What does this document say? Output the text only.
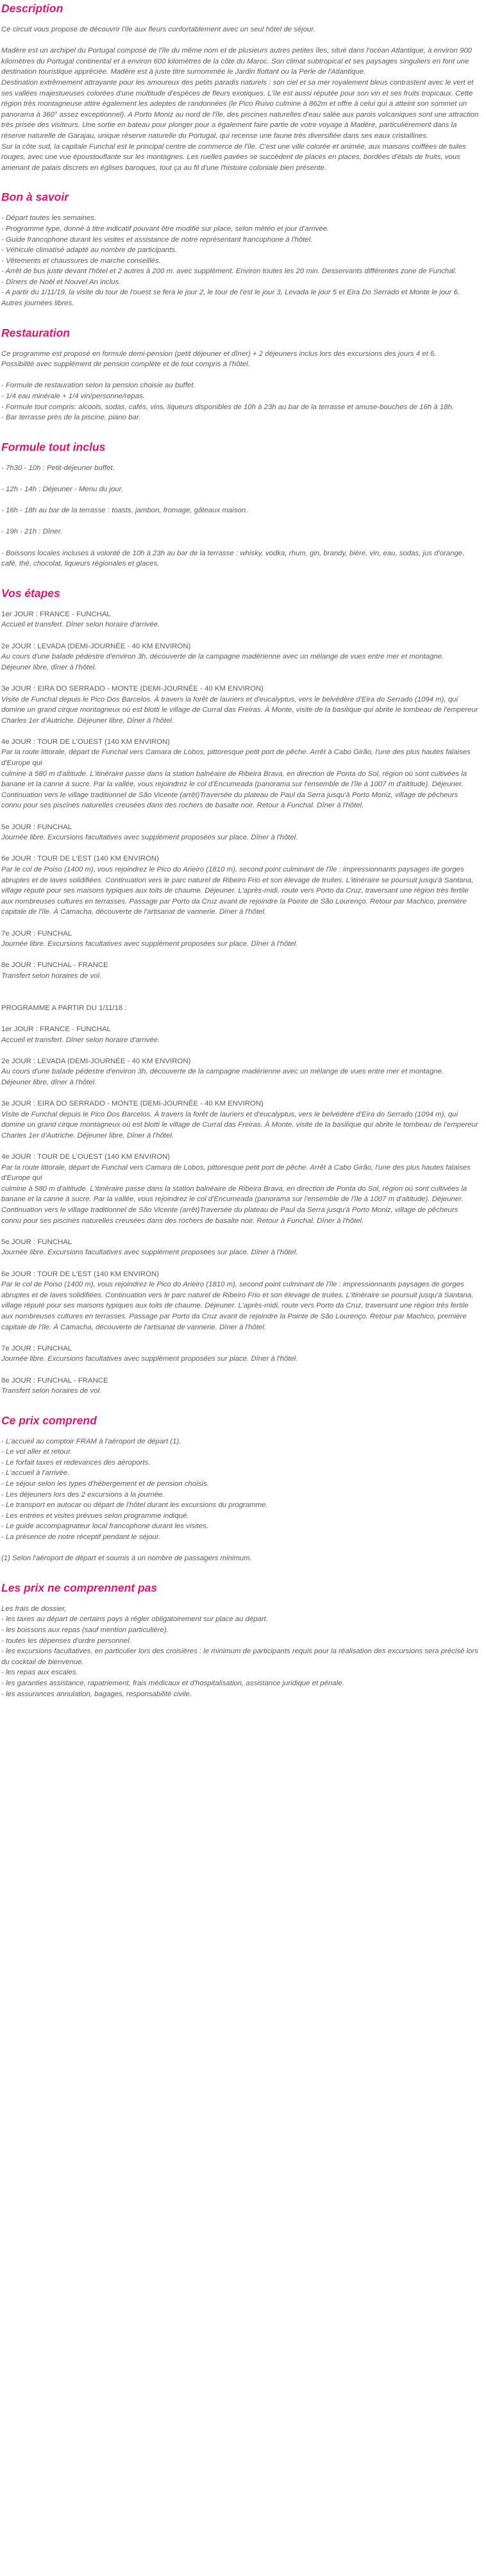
Description

Ce circuit vous propose de découvrir l'île aux fleurs confortablement avec un seul hôtel de séjour.

Madère est un archipel du Portugal composé de l'île du même nom et de plusieurs autres petites îles, situé dans l'océan Atlantique, à environ 900 kilomètres du Portugal continental et à environ 600 kilomètres de la côte du Maroc. Son climat subtropical et ses paysages singuliers en font une destination touristique appréciée. Madère est à juste titre surnommée le Jardin flottant ou la Perle de l'Atlantique.

Destination extrêmement attrayante pour les amoureux des petits paradis naturels : son ciel et sa mer royalement bleus contrastent avec le vert et ses vallées majestueuses colorées d'une multitude d'espèces de fleurs exotiques. L'île est aussi réputée pour son vin et ses fruits tropicaux. Cette région très montagneuse attire également les adeptes de randonnées (le Pico Ruivo culmine à 862m et offre à celui qui a atteint son sommet un panorama à 360° assez exceptionnel). A Porto Moniz au nord de l'île, des piscines naturelles d'eau salée aux parois volcaniques sont une attraction très prisée des visiteurs. Une sortie en bateau pour plonger pour a également faire partie de votre voyage à Madère, particulièrement dans la réserve naturelle de Garajau, unique réserve naturelle du Portugal, qui recense une faune très diversifiée dans ses eaux cristallines.

Sur la côte sud, la capitale Funchal est le principal centre de commerce de l'île. C'est une ville colorée et animée, aux maisons coiffées de tuiles rouges, avec une vue époustouflante sur les montagnes. Les ruelles pavées se succèdent de places en places, bordées d'étals de fruits, vous amenant de palais discrets en églises baroques, tout ça au fil d'une l'histoire coloniale bien présente.

Bon à savoir

- Départ toutes les semaines.

- Programme type, donné à titre indicatif pouvant être modifié sur place, selon météo et jour d'arrivée.

- Guide francophone durant les visites et assistance de notre représentant francophone à l'hôtel.

- Véhicule climatisé adapté au nombre de participants.

- Vêtements et chaussures de marche conseillés.

- Arrêt de bus juste devant l'hôtel et 2 autres à 200 m. avec supplément. Environ toutes les 20 min. Desservants différentes zone de Funchal.

- Dîners de Noël et Nouvel An inclus.

- A partir du 1/11/19, la visite du tour de l'ouest se fera le jour 2, le tour de l'est le jour 3, Levada le jour 5 et Eira Do Serrado et Monte le jour 6. Autres journées libres.

Restauration

Ce programme est proposé en formule demi-pension (petit déjeuner et dîner) + 2 déjeuners inclus lors des excursions des jours 4 et 6.

Possibilité avec supplément de pension complète et de tout compris à l'hôtel.

- Formule de restauration selon la pension choisie au buffet.

- 1/4 eau minérale + 1/4 vin/personne/repas.

- Formule tout compris: alcools, sodas, cafés, vins, liqueurs disponibles de 10h à 23h au bar de la terrasse et amuse-bouches de 16h à 18h.

- Bar terrasse près de la piscine, piano bar.

Formule tout inclus

- 7h30 - 10h : Petit-déjeuner buffet.

- 12h - 14h : Déjeuner - Menu du jour.

- 16h - 18h au bar de la terrasse : toasts, jambon, fromage, gâteaux maison.

- 19h - 21h : Dîner.

- Boissons locales incluses à volonté de 10h à 23h au bar de la terrasse : whisky, vodka, rhum, gin, brandy, bière, vin, eau, sodas, jus d'orange, café, thé, chocolat, liqueurs régionales et glaces.

Vos étapes

1er JOUR : FRANCE - FUNCHAL

Accueil et transfert. Dîner selon horaire d'arrivée.

2e JOUR : LEVADA (DEMI-JOURNÉE - 40 KM ENVIRON)

Au cours d'une balade pédestre d'environ 3h, découverte de la campagne madérienne avec un mélange de vues entre mer et montagne.

Déjeuner libre, dîner à l'hôtel.

3e JOUR : EIRA DO SERRADO - MONTE (DEMI-JOURNÉE - 40 KM ENVIRON)

Visite de Funchal depuis le Pico Dos Barcelos. À travers la forêt de lauriers et d'eucalyptus, vers le belvédère d'Eira do Serrado (1094 m), qui domine un grand cirque montagneux où est blotti le village de Curral das Freiras. À Monte, visite de la basilique qui abrite le tombeau de l'empereur Charles 1er d'Autriche. Déjeuner libre, Dîner à l'hôtel.

4e JOUR : TOUR DE L'OUEST (140 KM ENVIRON)

Par la route littorale, départ de Funchal vers Camara de Lobos, pittoresque petit port de pêche. Arrêt à Cabo Girão, l'une des plus hautes falaises d'Europe qui

culmine à 580 m d'altitude. L'itinéraire passe dans la station balnéaire de Ribeira Brava, en direction de Ponta do Sol, région où sont cultivées la banane et la canne à sucre. Par la vallée, vous rejoindrez le col d'Encumeada (panorama sur l'ensemble de l'île à 1007 m d'altitude). Déjeuner. Continuation vers le village traditionnel de São Vicente (arrêt)Traversée du plateau de Paul da Serra jusqu'à Porto Moniz, village de pêcheurs connu pour ses piscines naturelles creusées dans des rochers de basalte noir. Retour à Funchal. Dîner à l'hôtel.

5e JOUR : FUNCHAL

Journée libre. Excursions facultatives avec supplément proposées sur place. Dîner à l'hôtel.

6e JOUR : TOUR DE L'EST (140 KM ENVIRON)

Par le col de Poiso (1400 m), vous rejoindrez le Pico do Arieiro (1810 m), second point culminant de l'île : impressionnants paysages de gorges abruptes et de laves solidifiées. Continuation vers le parc naturel de Ribeiro Frio et son élevage de truites. L'itinéraire se poursuit jusqu'à Santana, village réputé pour ses maisons typiques aux toits de chaume. Déjeuner. L'après-midi, route vers Porto da Cruz, traversant une région très fertile aux nombreuses cultures en terrasses. Passage par Porto da Cruz avant de rejoindre la Pointe de São Lourenço. Retour par Machico, première capitale de l'île. À Camacha, découverte de l'artisanat de vannerie. Dîner à l'hôtel.

7e JOUR : FUNCHAL

Journée libre. Excursions facultatives avec supplément proposées sur place. Dîner à l'hôtel.

8e JOUR : FUNCHAL - FRANCE

Transfert selon horaires de vol.

PROGRAMME A PARTIR DU 1/11/18 :

1er JOUR : FRANCE - FUNCHAL

Accueil et transfert. Dîner selon horaire d'arrivée.

2e JOUR : LEVADA (DEMI-JOURNÉE - 40 KM ENVIRON)

Au cours d'une balade pédestre d'environ 3h, découverte de la campagne madérienne avec un mélange de vues entre mer et montagne.

Déjeuner libre, dîner à l'hôtel.

3e JOUR : EIRA DO SERRADO - MONTE (DEMI-JOURNÉE - 40 KM ENVIRON)

Visite de Funchal depuis le Pico Dos Barcelos. À travers la forêt de lauriers et d'eucalyptus, vers le belvédère d'Eira do Serrado (1094 m), qui domine un grand cirque montagneux où est blotti le village de Curral das Freiras. À Monte, visite de la basilique qui abrite le tombeau de l'empereur Charles 1er d'Autriche. Déjeuner libre, Dîner à l'hôtel.

4e JOUR : TOUR DE L'OUEST (140 KM ENVIRON)

Par la route littorale, départ de Funchal vers Camara de Lobos, pittoresque petit port de pêche. Arrêt à Cabo Girão, l'une des plus hautes falaises d'Europe qui

culmine à 580 m d'altitude. L'itinéraire passe dans la station balnéaire de Ribeira Brava, en direction de Ponta do Sol, région où sont cultivées la banane et la canne à sucre. Par la vallée, vous rejoindrez le col d'Encumeada (panorama sur l'ensemble de l'île à 1007 m d'altitude). Déjeuner. Continuation vers le village traditionnel de São Vicente (arrêt)Traversée du plateau de Paul da Serra jusqu'à Porto Moniz, village de pêcheurs connu pour ses piscines naturelles creusées dans des rochers de basalte noir. Retour à Funchal. Dîner à l'hôtel.

5e JOUR : FUNCHAL

Journée libre. Excursions facultatives avec supplément proposées sur place. Dîner à l'hôtel.

6e JOUR : TOUR DE L'EST (140 KM ENVIRON)

Par le col de Poiso (1400 m), vous rejoindrez le Pico do Arieiro (1810 m), second point culminant de l'île : impressionnants paysages de gorges abruptes et de laves solidifiées. Continuation vers le parc naturel de Ribeiro Frio et son élevage de truites. L'itinéraire se poursuit jusqu'à Santana, village réputé pour ses maisons typiques aux toits de chaume. Déjeuner. L'après-midi, route vers Porto da Cruz, traversant une région très fertile aux nombreuses cultures en terrasses. Passage par Porto da Cruz avant de rejoindre la Pointe de São Lourenço. Retour par Machico, première capitale de l'île. À Camacha, découverte de l'artisanat de vannerie. Dîner à l'hôtel.

7e JOUR : FUNCHAL

Journée libre. Excursions facultatives avec supplément proposées sur place. Dîner à l'hôtel.

8e JOUR : FUNCHAL - FRANCE

Transfert selon horaires de vol.

Ce prix comprend

- L'accueil au comptoir FRAM à l'aéroport de départ (1).

- Le vol aller et retour.

- Le forfait taxes et redevances des aéroports.

- L'accueil à l'arrivée.

- Le séjour selon les types d'hébergement et de pension choisis.

- Les déjeuners lors des 2 excursions à la journée.

- Le transport en autocar ou départ de l'hôtel durant les excursions du programme.

- Les entrées et visites prévues selon programme indiqué.

- Le guide accompagnateur local francophone durant les visites.

- La présence de notre réceptif pendant le séjour.

(1) Selon l'aéroport de départ et soumis à un nombre de passagers minimum.

Les prix ne comprennent pas

Les frais de dossier,

- les taxes au départ de certains pays à régler obligatoirement sur place au départ.

- les boissons aux repas (sauf mention particulière).

- toutes les dépenses d'ordre personnel.

- les excursions facultatives, en particulier lors des croisières : le minimum de participants requis pour la réalisation des excursions sera précisé lors du cocktail de bienvenue.

- les repas aux escales.

- les garanties assistance, rapatriement, frais médicaux et d'hospitalisation, assistance juridique et pénale.

- les assurances annulation, bagages, responsabilité civile.
